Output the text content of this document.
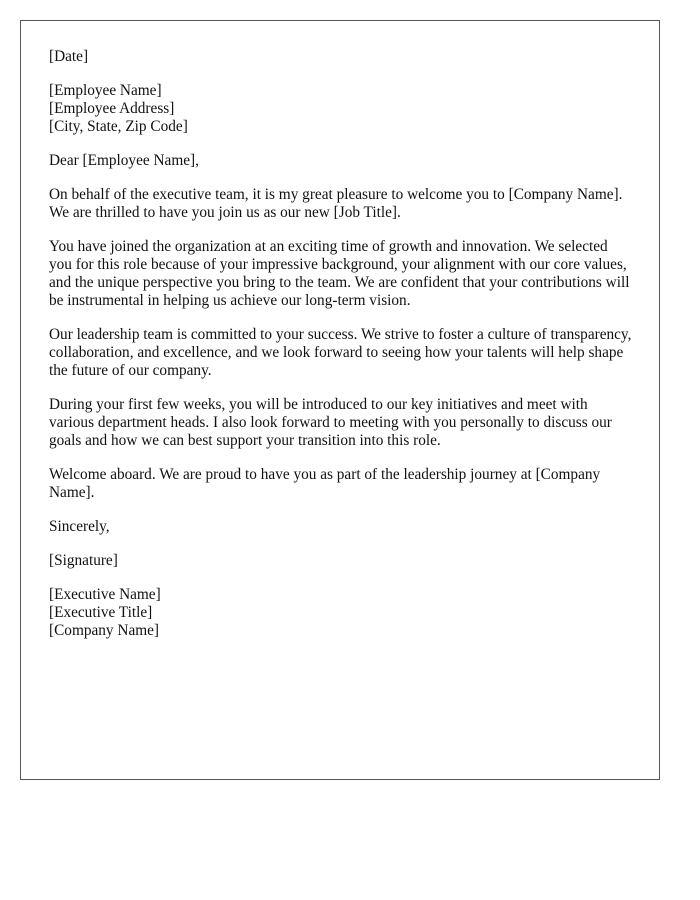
[Date]
[Employee Name]
[Employee Address]
[City, State, Zip Code]
Dear [Employee Name],

On behalf of the executive team, it is my great pleasure to welcome you to [Company Name]. We are thrilled to have you join us as our new [Job Title].

You have joined the organization at an exciting time of growth and innovation. We selected you for this role because of your impressive background, your alignment with our core values, and the unique perspective you bring to the team. We are confident that your contributions will be instrumental in helping us achieve our long-term vision.

Our leadership team is committed to your success. We strive to foster a culture of transparency, collaboration, and excellence, and we look forward to seeing how your talents will help shape the future of our company.

During your first few weeks, you will be introduced to our key initiatives and meet with various department heads. I also look forward to meeting with you personally to discuss our goals and how we can best support your transition into this role.

Welcome aboard. We are proud to have you as part of the leadership journey at [Company Name].

Sincerely,
[Signature]
[Executive Name]
[Executive Title]
[Company Name]
